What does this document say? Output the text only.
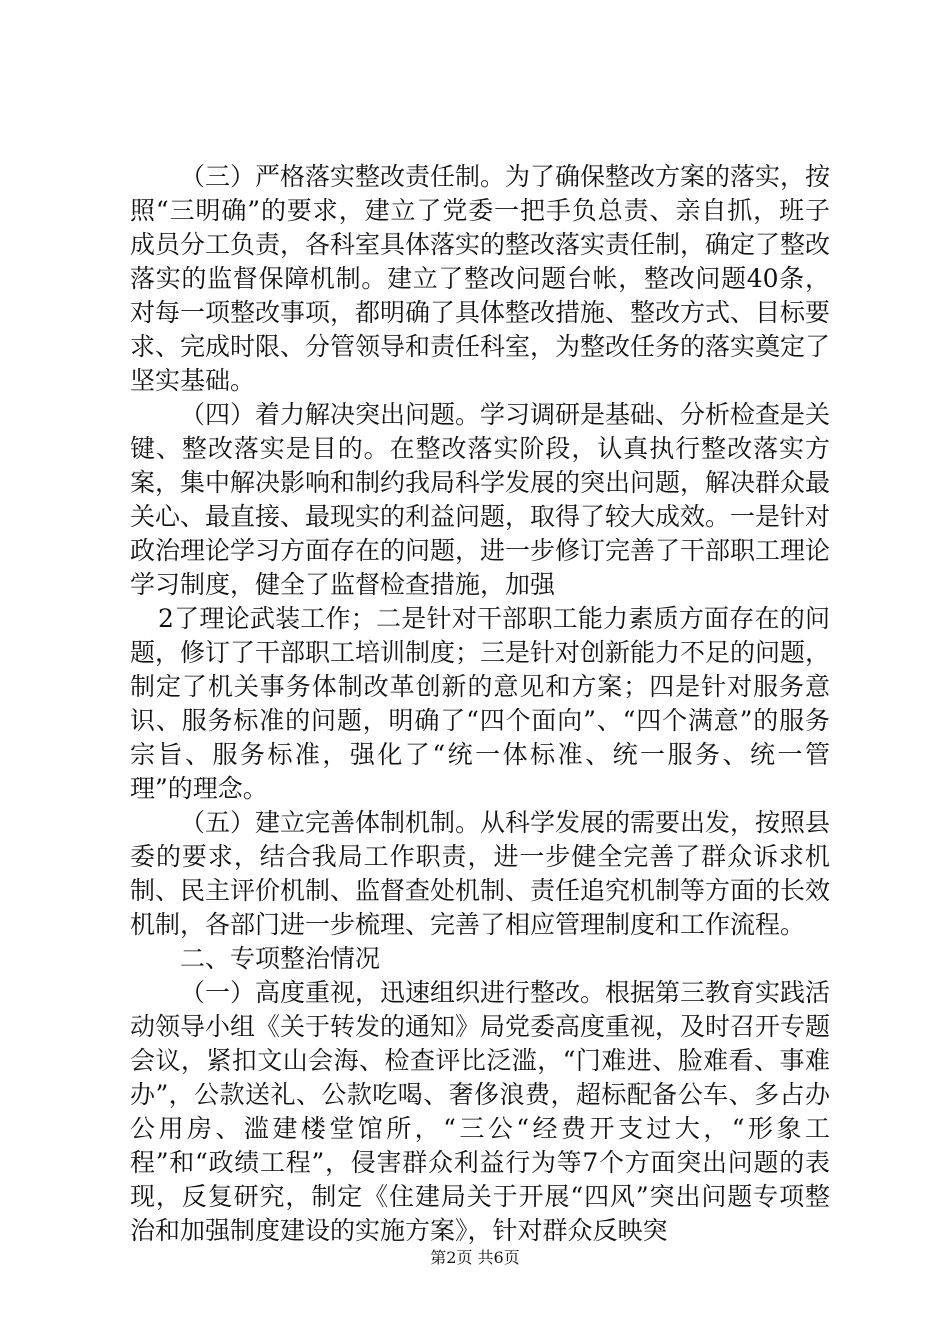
（三）严格落实整改责任制。为了确保整改方案的落实，按照“三明确”的要求，建立了党委一把手负总责、亲自抓，班子成员分工负责，各科室具体落实的整改落实责任制，确定了整改落实的监督保障机制。建立了整改问题台帐，整改问题40条，对每一项整改事项，都明确了具体整改措施、整改方式、目标要求、完成时限、分管领导和责任科室，为整改任务的落实奠定了坚实基础。

（四）着力解决突出问题。学习调研是基础、分析检查是关键、整改落实是目的。在整改落实阶段，认真执行整改落实方案，集中解决影响和制约我局科学发展的突出问题，解决群众最关心、最直接、最现实的利益问题，取得了较大成效。一是针对政治理论学习方面存在的问题，进一步修订完善了干部职工理论学习制度，健全了监督检查措施，加强

2了理论武装工作；二是针对干部职工能力素质方面存在的问题，修订了干部职工培训制度；三是针对创新能力不足的问题，制定了机关事务体制改革创新的意见和方案；四是针对服务意识、服务标准的问题，明确了“四个面向”、“四个满意”的服务宗旨、服务标准，强化了“统一体标准、统一服务、统一管理”的理念。

（五）建立完善体制机制。从科学发展的需要出发，按照县委的要求，结合我局工作职责，进一步健全完善了群众诉求机制、民主评价机制、监督查处机制、责任追究机制等方面的长效机制，各部门进一步梳理、完善了相应管理制度和工作流程。

二、专项整治情况

（一）高度重视，迅速组织进行整改。根据第三教育实践活动领导小组《关于转发的通知》局党委高度重视，及时召开专题会议，紧扣文山会海、检查评比泛滥，“门难进、脸难看、事难办”，公款送礼、公款吃喝、奢侈浪费，超标配备公车、多占办公用房、滥建楼堂馆所，“三公“经费开支过大，“形象工程”和“政绩工程”，侵害群众利益行为等7个方面突出问题的表现，反复研究，制定《住建局关于开展“四风”突出问题专项整治和加强制度建设的实施方案》，针对群众反映突

第2页 共6页
